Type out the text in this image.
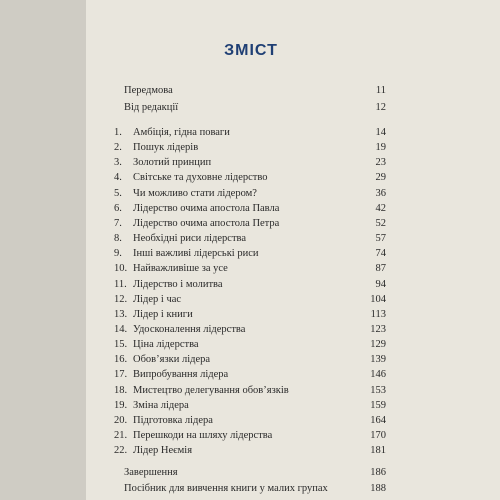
ЗМІСТ
Передмова	11
Від редакції	12
1.	Амбіція, гідна поваги	14
2.	Пошук лідерів	19
3.	Золотий принцип	23
4.	Світське та духовне лідерство	29
5.	Чи можливо стати лідером?	36
6.	Лідерство очима апостола Павла	42
7.	Лідерство очима апостола Петра	52
8.	Необхідні риси лідерства	57
9.	Інші важливі лідерські риси	74
10. Найважливіше за усе	87
11. Лідерство і молитва	94
12. Лідер і час	104
13. Лідер і книги	113
14. Удосконалення лідерства	123
15. Ціна лідерства	129
16. Обов’язки лідера	139
17. Випробування лідера	146
18. Мистецтво делегування обов’язків	153
19. Зміна лідера	159
20. Підготовка лідера	164
21. Перешкоди на шляху лідерства	170
22. Лідер Неємія	181
Завершення	186
Посібник для вивчення книги у малих групах	188
